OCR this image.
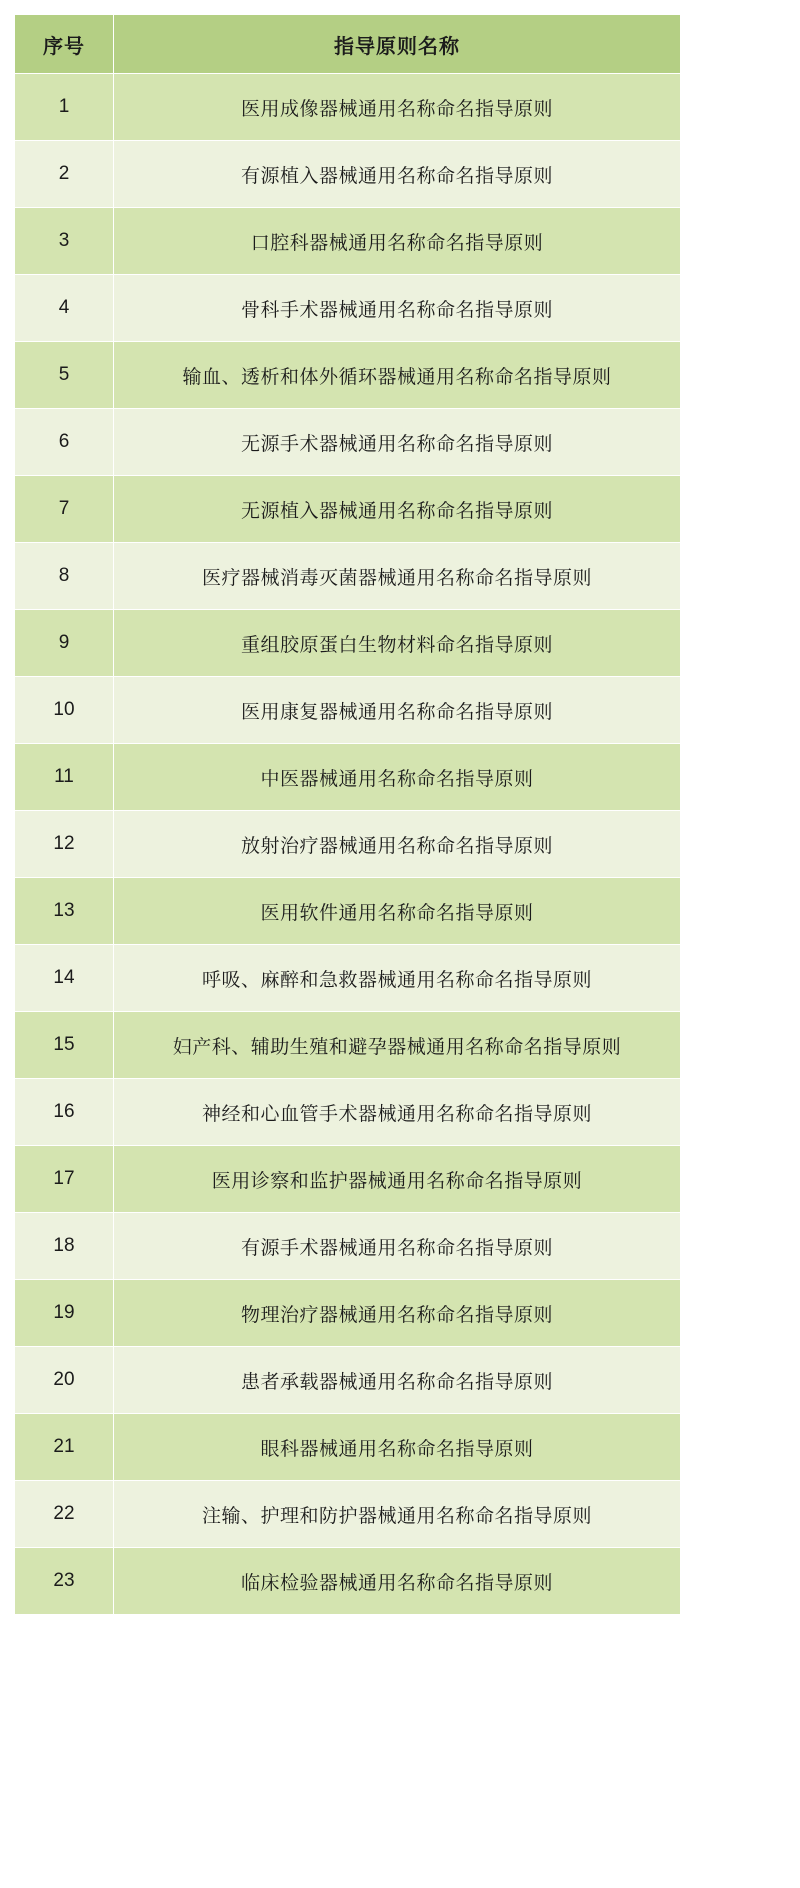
序号	指导原则名称
1	医用成像器械通用名称命名指导原则
2	有源植入器械通用名称命名指导原则
3	口腔科器械通用名称命名指导原则
4	骨科手术器械通用名称命名指导原则
5	输血、透析和体外循环器械通用名称命名指导原则
6	无源手术器械通用名称命名指导原则
7	无源植入器械通用名称命名指导原则
8	医疗器械消毒灭菌器械通用名称命名指导原则
9	重组胶原蛋白生物材料命名指导原则
10	医用康复器械通用名称命名指导原则
11	中医器械通用名称命名指导原则
12	放射治疗器械通用名称命名指导原则
13	医用软件通用名称命名指导原则
14	呼吸、麻醉和急救器械通用名称命名指导原则
15	妇产科、辅助生殖和避孕器械通用名称命名指导原则
16	神经和心血管手术器械通用名称命名指导原则
17	医用诊察和监护器械通用名称命名指导原则
18	有源手术器械通用名称命名指导原则
19	物理治疗器械通用名称命名指导原则
20	患者承载器械通用名称命名指导原则
21	眼科器械通用名称命名指导原则
22	注输、护理和防护器械通用名称命名指导原则
23	临床检验器械通用名称命名指导原则
